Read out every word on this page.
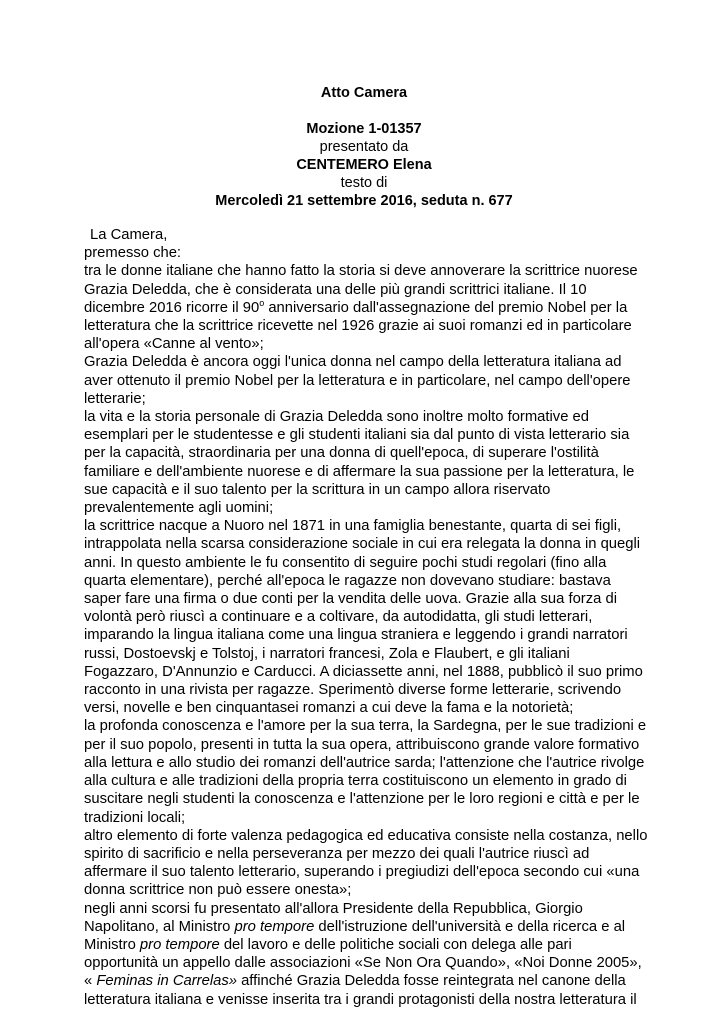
Atto Camera
Mozione 1-01357
presentato da
CENTEMERO Elena
testo di
Mercoledì 21 settembre 2016, seduta n. 677
La Camera,
premesso che:
tra le donne italiane che hanno fatto la storia si deve annoverare la scrittrice nuorese
Grazia Deledda, che è considerata una delle più grandi scrittrici italiane. Il 10
dicembre 2016 ricorre il 90$^o$ anniversario dall'assegnazione del premio Nobel per la
letteratura che la scrittrice ricevette nel 1926 grazie ai suoi romanzi ed in particolare
all'opera «Canne al vento»;
Grazia Deledda è ancora oggi l'unica donna nel campo della letteratura italiana ad
aver ottenuto il premio Nobel per la letteratura e in particolare, nel campo dell'opere
letterarie;
la vita e la storia personale di Grazia Deledda sono inoltre molto formative ed
esemplari per le studentesse e gli studenti italiani sia dal punto di vista letterario sia
per la capacità, straordinaria per una donna di quell'epoca, di superare l'ostilità
familiare e dell'ambiente nuorese e di affermare la sua passione per la letteratura, le
sue capacità e il suo talento per la scrittura in un campo allora riservato
prevalentemente agli uomini;
la scrittrice nacque a Nuoro nel 1871 in una famiglia benestante, quarta di sei figli,
intrappolata nella scarsa considerazione sociale in cui era relegata la donna in quegli
anni. In questo ambiente le fu consentito di seguire pochi studi regolari (fino alla
quarta elementare), perché all'epoca le ragazze non dovevano studiare: bastava
saper fare una firma o due conti per la vendita delle uova. Grazie alla sua forza di
volontà però riuscì a continuare e a coltivare, da autodidatta, gli studi letterari,
imparando la lingua italiana come una lingua straniera e leggendo i grandi narratori
russi, Dostoevskj e Tolstoj, i narratori francesi, Zola e Flaubert, e gli italiani
Fogazzaro, D'Annunzio e Carducci. A diciassette anni, nel 1888, pubblicò il suo primo
racconto in una rivista per ragazze. Sperimentò diverse forme letterarie, scrivendo
versi, novelle e ben cinquantasei romanzi a cui deve la fama e la notorietà;
la profonda conoscenza e l'amore per la sua terra, la Sardegna, per le sue tradizioni e
per il suo popolo, presenti in tutta la sua opera, attribuiscono grande valore formativo
alla lettura e allo studio dei romanzi dell'autrice sarda; l'attenzione che l'autrice rivolge
alla cultura e alle tradizioni della propria terra costituiscono un elemento in grado di
suscitare negli studenti la conoscenza e l'attenzione per le loro regioni e città e per le
tradizioni locali;
altro elemento di forte valenza pedagogica ed educativa consiste nella costanza, nello
spirito di sacrificio e nella perseveranza per mezzo dei quali l'autrice riuscì ad
affermare il suo talento letterario, superando i pregiudizi dell'epoca secondo cui «una
donna scrittrice non può essere onesta»;
negli anni scorsi fu presentato all'allora Presidente della Repubblica, Giorgio
Napolitano, al Ministro pro tempore dell'istruzione dell'università e della ricerca e al
Ministro pro tempore del lavoro e delle politiche sociali con delega alle pari
opportunità un appello dalle associazioni «Se Non Ora Quando», «Noi Donne 2005»,
« Feminas in Carrelas» affinché Grazia Deledda fosse reintegrata nel canone della
letteratura italiana e venisse inserita tra i grandi protagonisti della nostra letteratura il
